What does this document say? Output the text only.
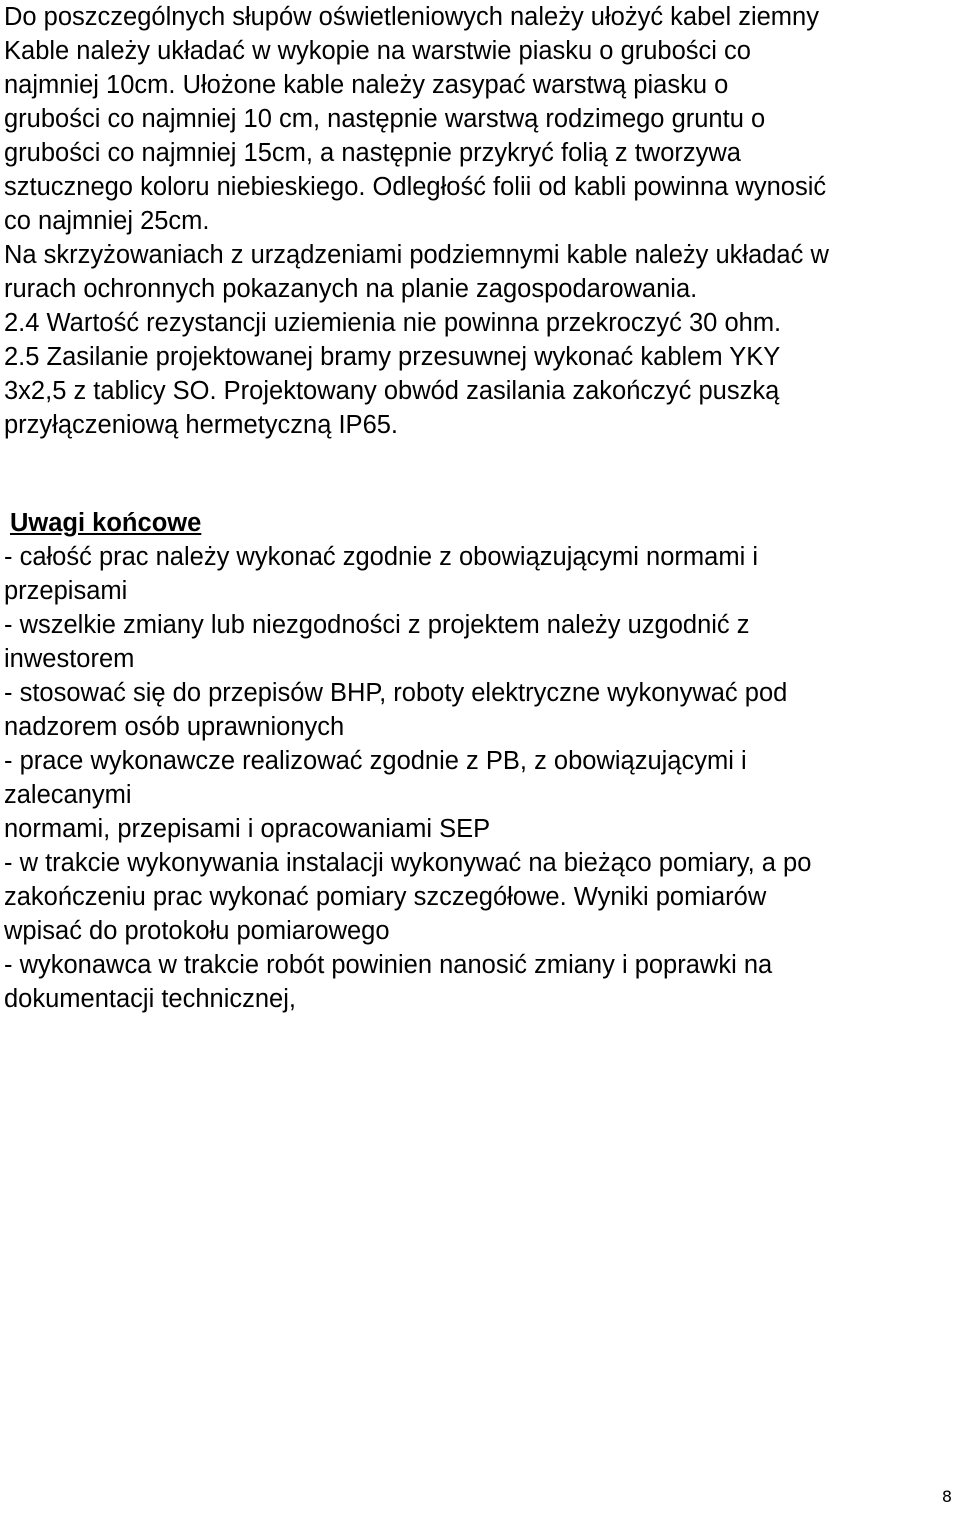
Do poszczególnych słupów oświetleniowych należy ułożyć kabel ziemny
Kable należy układać w wykopie na warstwie piasku o grubości co
najmniej 10cm. Ułożone kable należy zasypać warstwą piasku o
grubości co najmniej 10 cm, następnie warstwą rodzimego gruntu o
grubości co najmniej 15cm, a następnie przykryć folią z tworzywa
sztucznego koloru niebieskiego. Odległość folii od kabli powinna wynosić
co najmniej 25cm.
Na skrzyżowaniach z urządzeniami podziemnymi kable należy układać w
rurach ochronnych pokazanych na planie zagospodarowania.
2.4 Wartość rezystancji uziemienia nie powinna przekroczyć 30 ohm.
2.5 Zasilanie projektowanej bramy przesuwnej wykonać kablem YKY
3x2,5 z tablicy SO. Projektowany obwód zasilania zakończyć puszką
przyłączeniową hermetyczną IP65.
Uwagi końcowe
- całość prac należy wykonać zgodnie z obowiązującymi normami i
przepisami
- wszelkie zmiany lub niezgodności z projektem należy uzgodnić z
inwestorem
- stosować się do przepisów BHP, roboty elektryczne wykonywać pod
nadzorem osób uprawnionych
- prace wykonawcze realizować zgodnie z PB, z obowiązującymi i
zalecanymi
normami, przepisami i opracowaniami SEP
- w trakcie wykonywania instalacji wykonywać na bieżąco pomiary, a po
zakończeniu prac wykonać pomiary szczegółowe. Wyniki pomiarów
wpisać do protokołu pomiarowego
- wykonawca w trakcie robót powinien nanosić zmiany i poprawki na
dokumentacji technicznej,
8
